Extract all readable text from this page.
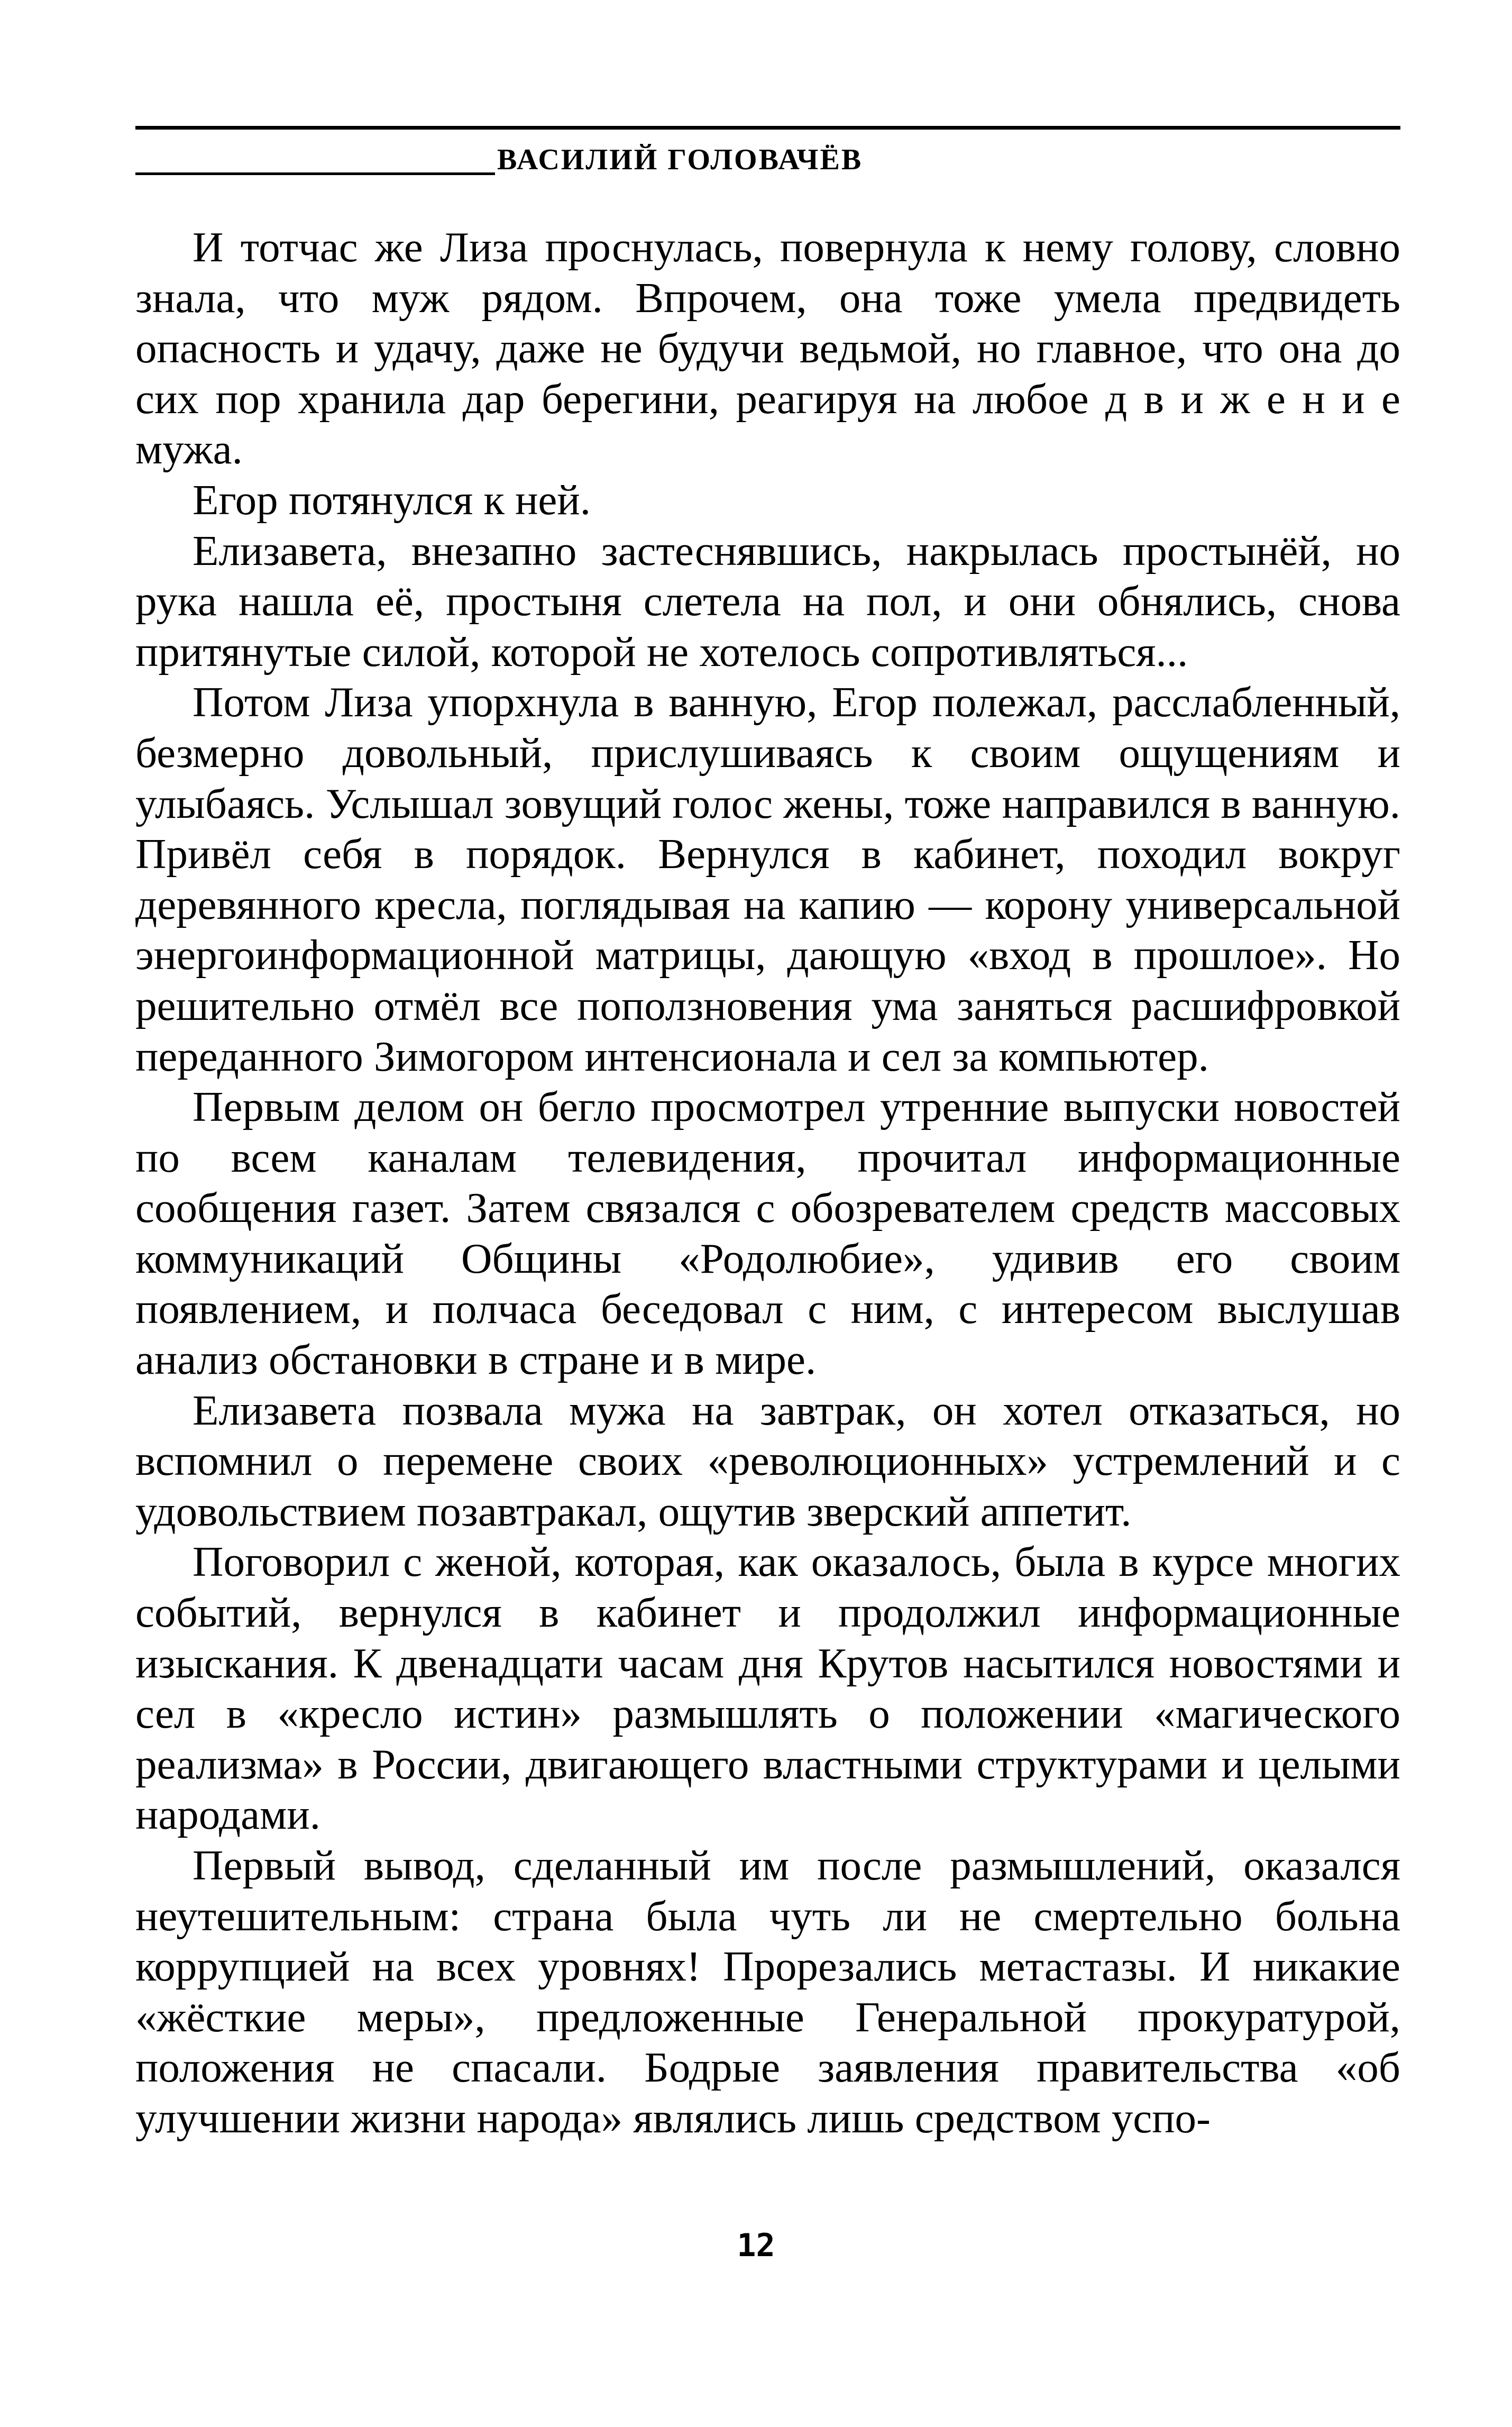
ВАСИЛИЙ ГОЛОВАЧЁВ

И тотчас же Лиза проснулась, повернула к нему голову, словно знала, что муж рядом. Впрочем, она тоже умела предвидеть опасность и удачу, даже не будучи ведьмой, но главное, что она до сих пор хранила дар берегини, реагируя на любое д в и ж е н и е мужа.

Егор потянулся к ней.

Елизавета, внезапно застеснявшись, накрылась простынёй, но рука нашла её, простыня слетела на пол, и они обнялись, снова притянутые силой, которой не хотелось сопротивляться...

Потом Лиза упорхнула в ванную, Егор полежал, расслабленный, безмерно довольный, прислушиваясь к своим ощущениям и улыбаясь. Услышал зовущий голос жены, тоже направился в ванную. Привёл себя в порядок. Вернулся в кабинет, походил вокруг деревянного кресла, поглядывая на капию — корону универсальной энергоинформационной матрицы, дающую «вход в прошлое». Но решительно отмёл все поползновения ума заняться расшифровкой переданного Зимогором интенсионала и сел за компьютер.

Первым делом он бегло просмотрел утренние выпуски новостей по всем каналам телевидения, прочитал информационные сообщения газет. Затем связался с обозревателем средств массовых коммуникаций Общины «Родолюбие», удивив его своим появлением, и полчаса беседовал с ним, с интересом выслушав анализ обстановки в стране и в мире.

Елизавета позвала мужа на завтрак, он хотел отказаться, но вспомнил о перемене своих «революционных» устремлений и с удовольствием позавтракал, ощутив зверский аппетит.

Поговорил с женой, которая, как оказалось, была в курсе многих событий, вернулся в кабинет и продолжил информационные изыскания. К двенадцати часам дня Крутов насытился новостями и сел в «кресло истин» размышлять о положении «магического реализма» в России, двигающего властными структурами и целыми народами.

Первый вывод, сделанный им после размышлений, оказался неутешительным: страна была чуть ли не смертельно больна коррупцией на всех уровнях! Прорезались метастазы. И никакие «жёсткие меры», предложенные Генеральной прокуратурой, положения не спасали. Бодрые заявления правительства «об улучшении жизни народа» являлись лишь средством успо-

12
